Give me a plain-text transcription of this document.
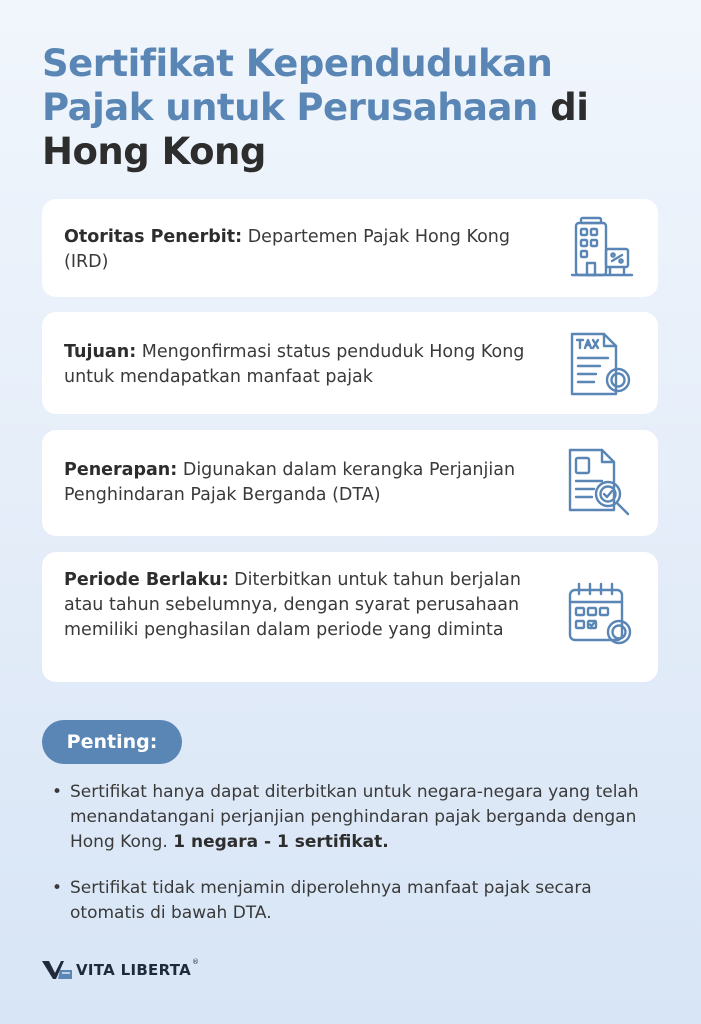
Sertifikat Kependudukan Pajak untuk Perusahaan di Hong Kong
Otoritas Penerbit: Departemen Pajak Hong Kong (IRD)
Tujuan: Mengonfirmasi status penduduk Hong Kong untuk mendapatkan manfaat pajak
Penerapan: Digunakan dalam kerangka Perjanjian Penghindaran Pajak Berganda (DTA)
Periode Berlaku: Diterbitkan untuk tahun berjalan atau tahun sebelumnya, dengan syarat perusahaan memiliki penghasilan dalam periode yang diminta
Penting:
• Sertifikat hanya dapat diterbitkan untuk negara-negara yang telah menandatangani perjanjian penghindaran pajak berganda dengan Hong Kong. 1 negara - 1 sertifikat.
• Sertifikat tidak menjamin diperolehnya manfaat pajak secara otomatis di bawah DTA.
VITA LIBERTA ®
